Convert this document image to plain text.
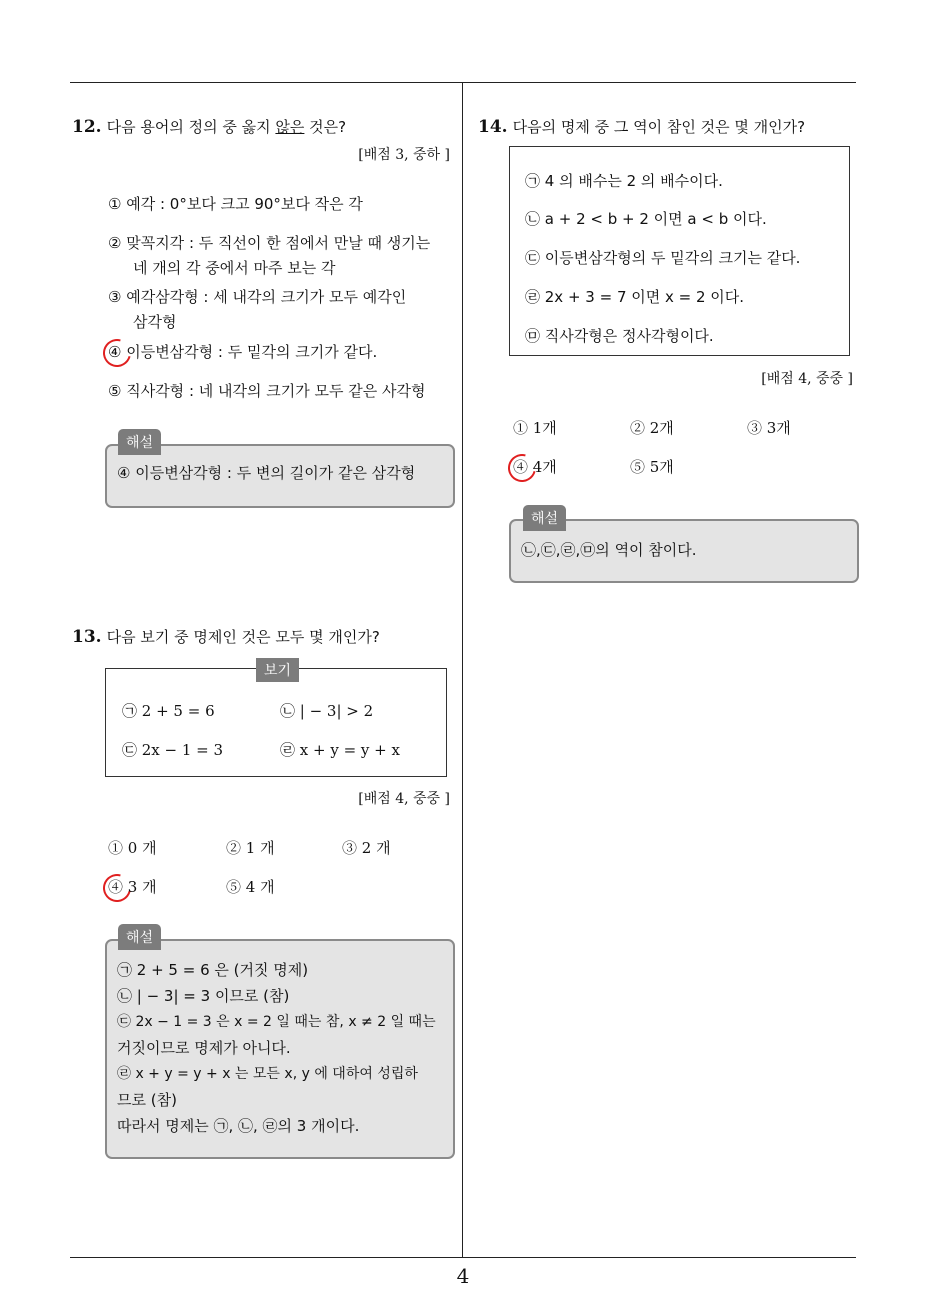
4
12. 다음 용어의 정의 중 옳지 않은 것은?
[배점 3, 중하 ]
① 예각 : 0°보다 크고 90°보다 작은 각
② 맞꼭지각 : 두 직선이 한 점에서 만날 때 생기는
네 개의 각 중에서 마주 보는 각
③ 예각삼각형 : 세 내각의 크기가 모두 예각인
삼각형
④ 이등변삼각형 : 두 밑각의 크기가 같다.
⑤ 직사각형 : 네 내각의 크기가 모두 같은 사각형
해설
④ 이등변삼각형 : 두 변의 길이가 같은 삼각형
13. 다음 보기 중 명제인 것은 모두 몇 개인가?
보기
㉠ 2 + 5 = 6	㉡ | − 3| > 2
㉢ 2x − 1 = 3	㉣ x + y = y + x
[배점 4, 중중 ]
① 0 개	② 1 개	③ 2 개
④ 3 개	⑤ 4 개
해설
㉠ 2 + 5 = 6 은 (거짓 명제)
㉡ | − 3| = 3 이므로 (참)
㉢ 2x − 1 = 3 은 x = 2 일 때는 참, x ≠ 2 일 때는
거짓이므로 명제가 아니다.
㉣ x + y = y + x 는 모든 x, y 에 대하여 성립하
므로 (참)
따라서 명제는 ㉠, ㉡, ㉣의 3 개이다.
14. 다음의 명제 중 그 역이 참인 것은 몇 개인가?
㉠ 4 의 배수는 2 의 배수이다.
㉡ a + 2 < b + 2 이면 a < b 이다.
㉢ 이등변삼각형의 두 밑각의 크기는 같다.
㉣ 2x + 3 = 7 이면 x = 2 이다.
㉤ 직사각형은 정사각형이다.
[배점 4, 중중 ]
① 1개	② 2개	③ 3개
④ 4개	⑤ 5개
해설
㉡,㉢,㉣,㉤의 역이 참이다.
